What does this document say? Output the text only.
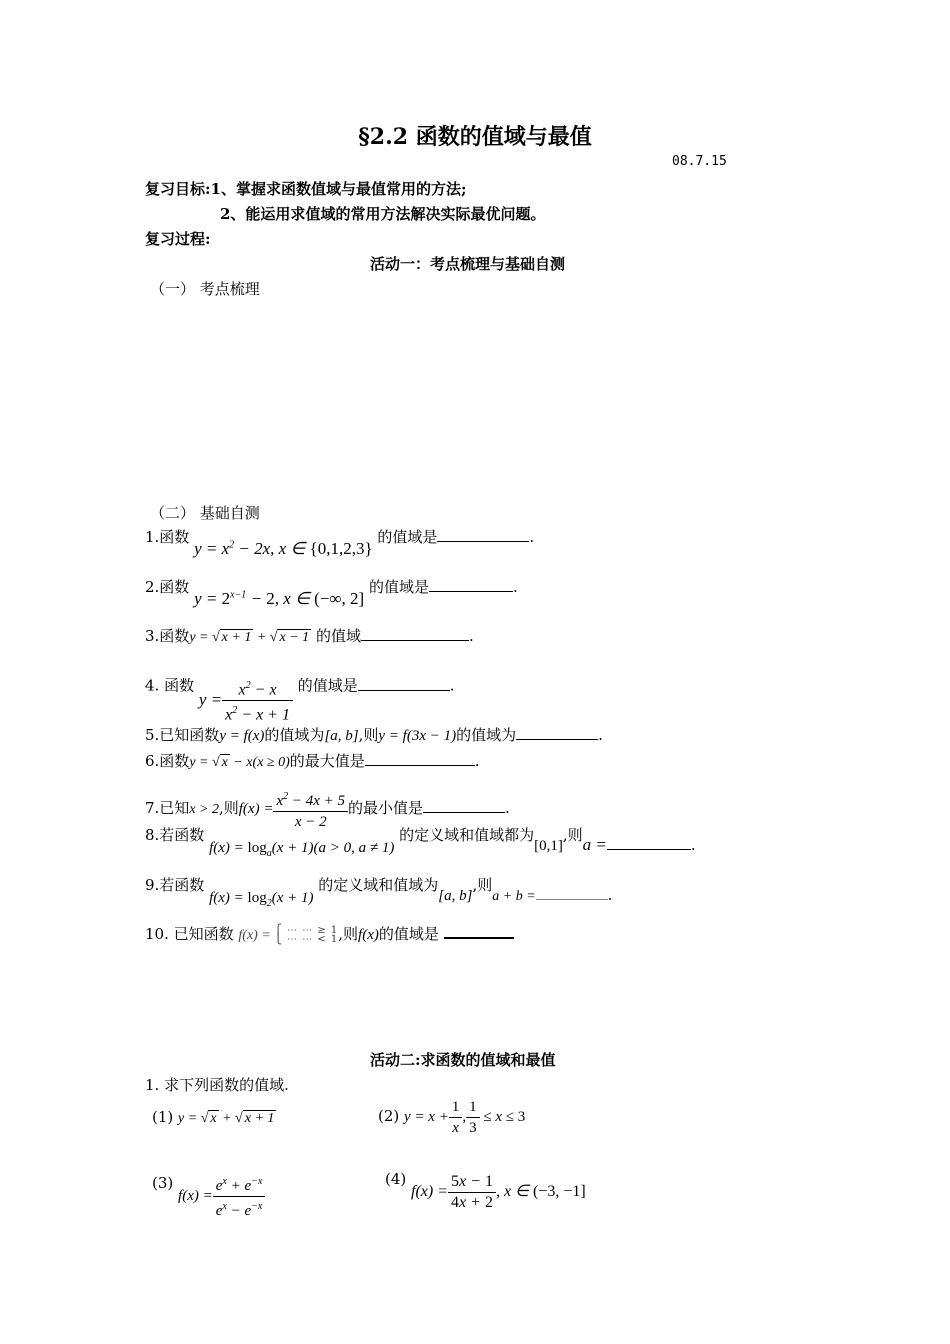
§2.2 函数的值域与最值
08.7.15
复习目标:1、掌握求函数值域与最值常用的方法;
2、能运用求值域的常用方法解决实际最优问题。
复习过程:
活动一：考点梳理与基础自测
（一） 考点梳理
（二） 基础自测
1.函数 $y = x^2 - 2x$, x ∈ {0,1,2,3} 的值域是	.
2.函数 $y = 2^{x-1} - 2$, x ∈ (−∞, 2] 的值域是	.
3.函数y = √ x + 1 + √ x − 1 的值域	.
4. 函数 $y = \frac{x^2 - x}{x^2 - x + 1}$ 的值域是	.
5.已知函数y = f(x)的值域为[a, b],则y = f(3x − 1)的值域为	.
6.函数y = √ x − x(x ≥ 0)的最大值是	.
7.已知x > 2,则$f(x) = \frac{x^2 - 4x + 5}{x - 2}$ 的最小值是	.
8.若函数 $f(x) = \log_a(x + 1)(a > 0$, a ≠ 1) 的定义域和值域都为[0,1],则a =	.
9.若函数 $f(x) = \log_2(x + 1)$ 的定义域和值域为[a, b],则a + b =	.
10. 已知函数 f(x) = ⎧ ⋯ ⋯ ≥ 1
⎩ ⋯ ⋯ < 1,则f(x)的值域是
活动二:求函数的值域和最值
1. 求下列函数的值域.
(1) y = √ x + √ x + 1	(2) $y = x + \frac{1}{x}$ , $\frac{1}{3} \le x \le 3$
(3) $f(x) = \frac{e^x + e^{-x}}{e^x - e^{-x}}$	(4) $f(x) = \frac{5x - 1}{4x + 2}$ , x ∈ (−3, −1]
